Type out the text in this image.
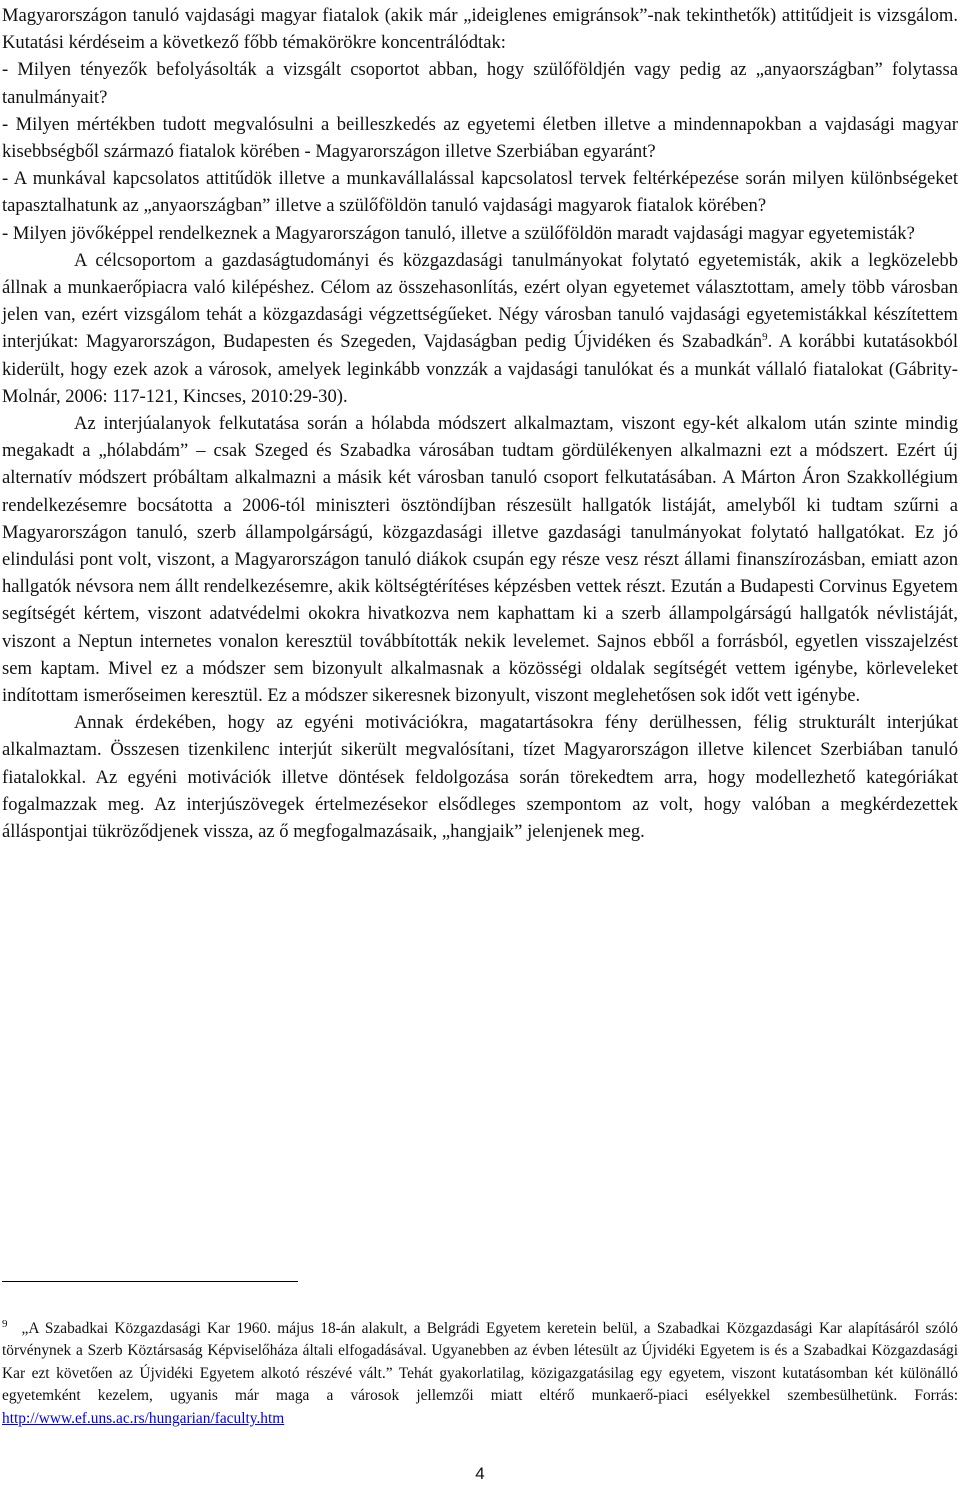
Magyarországon tanuló vajdasági magyar fiatalok (akik már „ideiglenes emigránsok”-nak tekinthetők) attitűdjeit is vizsgálom. Kutatási kérdéseim a következő főbb témakörökre koncentrálódtak:

- Milyen tényezők befolyásolták a vizsgált csoportot abban, hogy szülőföldjén vagy pedig az „anyaországban” folytassa tanulmányait?

- Milyen mértékben tudott megvalósulni a beilleszkedés az egyetemi életben illetve a mindennapokban a vajdasági magyar kisebbségből származó fiatalok körében - Magyarországon illetve Szerbiában egyaránt?

- A munkával kapcsolatos attitűdök illetve a munkavállalással kapcsolatosl tervek feltérképezése során milyen különbségeket tapasztalhatunk az „anyaországban” illetve a szülőföldön tanuló vajdasági magyarok fiatalok körében?

- Milyen jövőképpel rendelkeznek a Magyarországon tanuló, illetve a szülőföldön maradt vajdasági magyar egyetemisták?

A célcsoportom a gazdaságtudományi és közgazdasági tanulmányokat folytató egyetemisták, akik a legközelebb állnak a munkaerőpiacra való kilépéshez. Célom az összehasonlítás, ezért olyan egyetemet választottam, amely több városban jelen van, ezért vizsgálom tehát a közgazdasági végzettségűeket. Négy városban tanuló vajdasági egyetemistákkal készítettem interjúkat: Magyarországon, Budapesten és Szegeden, Vajdaságban pedig Újvidéken és Szabadkán$^9$. A korábbi kutatásokból kiderült, hogy ezek azok a városok, amelyek leginkább vonzzák a vajdasági tanulókat és a munkát vállaló fiatalokat (Gábrity-Molnár, 2006: 117-121, Kincses, 2010:29-30).

Az interjúalanyok felkutatása során a hólabda módszert alkalmaztam, viszont egy-két alkalom után szinte mindig megakadt a „hólabdám” – csak Szeged és Szabadka városában tudtam gördülékenyen alkalmazni ezt a módszert. Ezért új alternatív módszert próbáltam alkalmazni a másik két városban tanuló csoport felkutatásában. A Márton Áron Szakkollégium rendelkezésemre bocsátotta a 2006-tól miniszteri ösztöndíjban részesült hallgatók listáját, amelyből ki tudtam szűrni a Magyarországon tanuló, szerb állampolgárságú, közgazdasági illetve gazdasági tanulmányokat folytató hallgatókat. Ez jó elindulási pont volt, viszont, a Magyarországon tanuló diákok csupán egy része vesz részt állami finanszírozásban, emiatt azon hallgatók névsora nem állt rendelkezésemre, akik költségtérítéses képzésben vettek részt. Ezután a Budapesti Corvinus Egyetem segítségét kértem, viszont adatvédelmi okokra hivatkozva nem kaphattam ki a szerb állampolgárságú hallgatók névlistáját, viszont a Neptun internetes vonalon keresztül továbbították nekik levelemet. Sajnos ebből a forrásból, egyetlen visszajelzést sem kaptam. Mivel ez a módszer sem bizonyult alkalmasnak a közösségi oldalak segítségét vettem igénybe, körleveleket indítottam ismerőseimen keresztül. Ez a módszer sikeresnek bizonyult, viszont meglehetősen sok időt vett igénybe.

Annak érdekében, hogy az egyéni motivációkra, magatartásokra fény derülhessen, félig strukturált interjúkat alkalmaztam. Összesen tizenkilenc interjút sikerült megvalósítani, tízet Magyarországon illetve kilencet Szerbiában tanuló fiatalokkal. Az egyéni motivációk illetve döntések feldolgozása során törekedtem arra, hogy modellezhető kategóriákat fogalmazzak meg. Az interjúszövegek értelmezésekor elsődleges szempontom az volt, hogy valóban a megkérdezettek álláspontjai tükröződjenek vissza, az ő megfogalmazásaik, „hangjaik” jelenjenek meg.

$^9$ „A Szabadkai Közgazdasági Kar 1960. május 18-án alakult, a Belgrádi Egyetem keretein belül, a Szabadkai Közgazdasági Kar alapításáról szóló törvénynek a Szerb Köztársaság Képviselőháza általi elfogadásával. Ugyanebben az évben létesült az Újvidéki Egyetem is és a Szabadkai Közgazdasági Kar ezt követően az Újvidéki Egyetem alkotó részévé vált.” Tehát gyakorlatilag, közigazgatásilag egy egyetem, viszont kutatásomban két különálló egyetemként kezelem, ugyanis már maga a városok jellemzői miatt eltérő munkaerő-piaci esélyekkel szembesülhetünk. Forrás: http://www.ef.uns.ac.rs/hungarian/faculty.htm

4
